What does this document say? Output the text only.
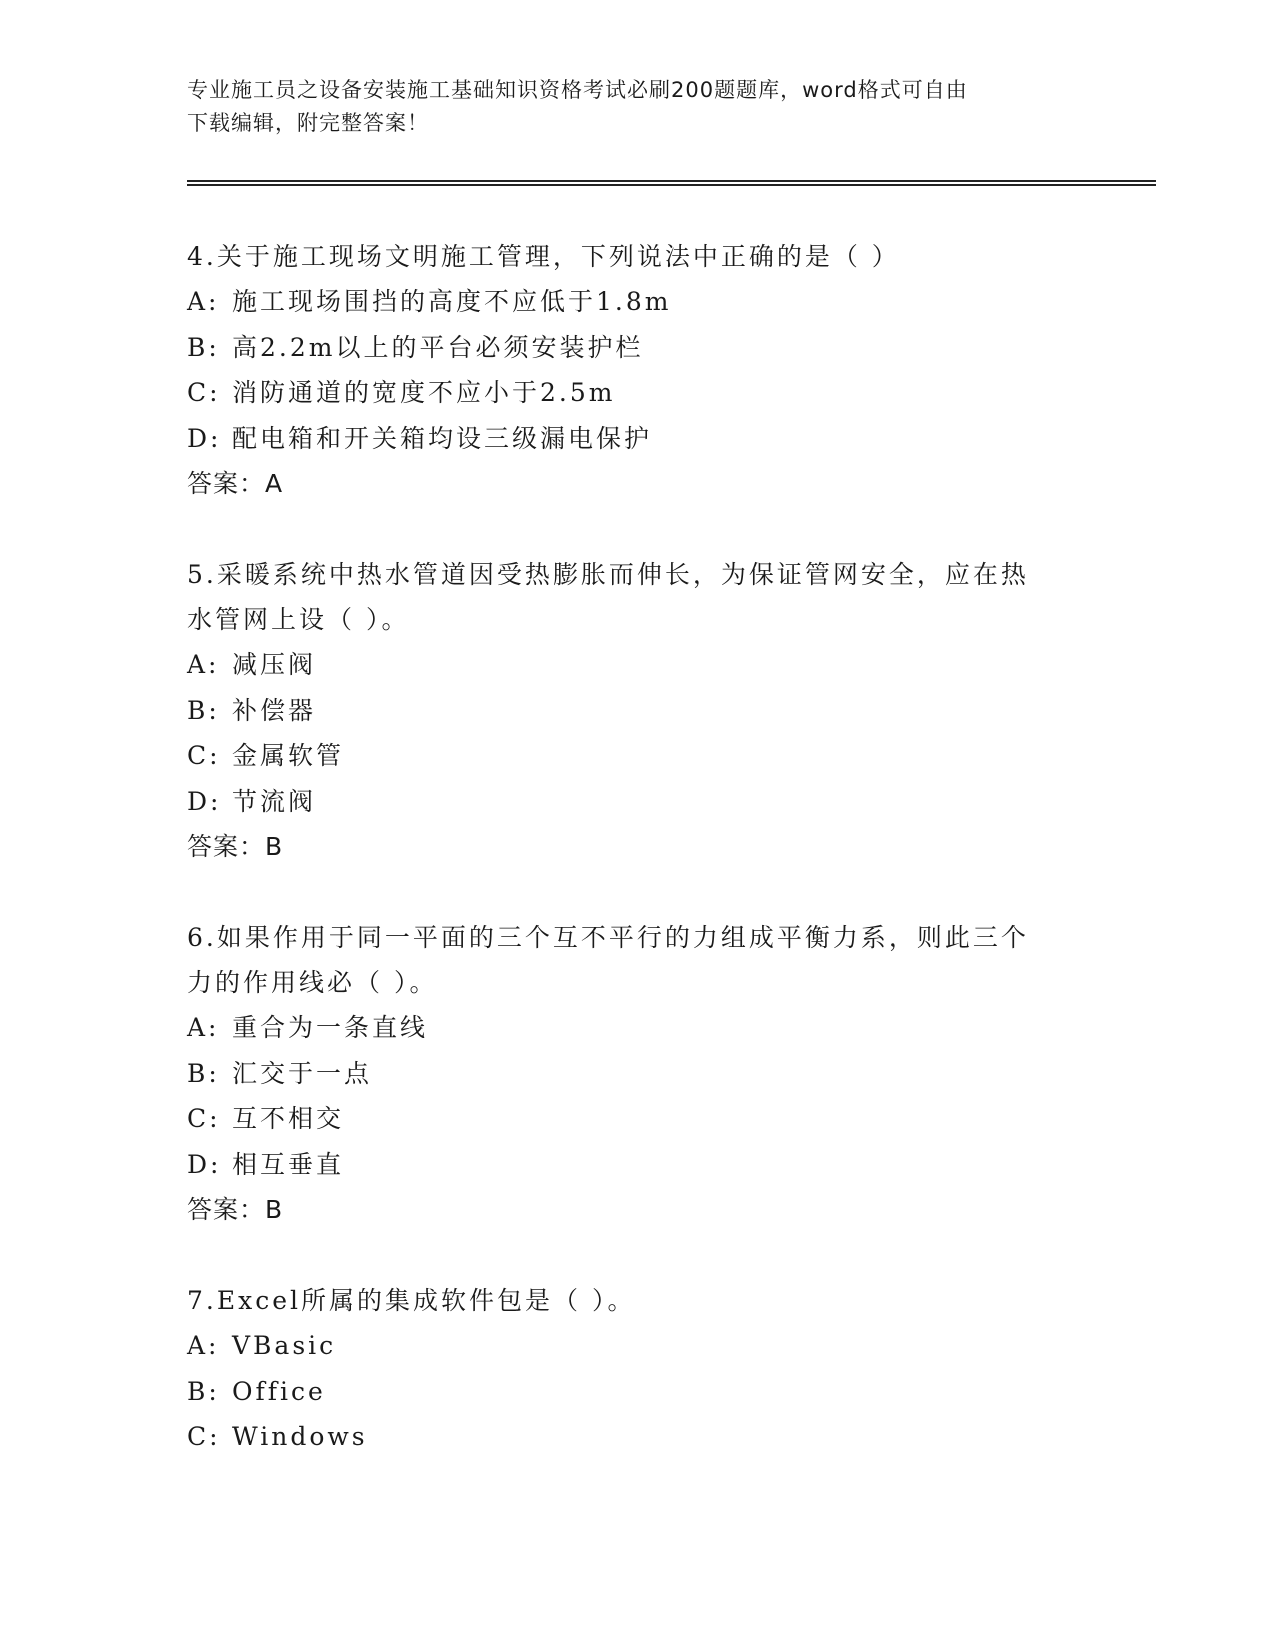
专业施工员之设备安装施工基础知识资格考试必刷200题题库，word格式可自由
下载编辑，附完整答案！

4.关于施工现场文明施工管理，下列说法中正确的是（ ）

A: 施工现场围挡的高度不应低于1.8m

B: 高2.2m以上的平台必须安装护栏

C: 消防通道的宽度不应小于2.5m

D: 配电箱和开关箱均设三级漏电保护

答案：A

5.采暖系统中热水管道因受热膨胀而伸长，为保证管网安全，应在热

水管网上设（ ）。

A: 减压阀

B: 补偿器

C: 金属软管

D: 节流阀

答案：B

6.如果作用于同一平面的三个互不平行的力组成平衡力系，则此三个

力的作用线必（ ）。

A: 重合为一条直线

B: 汇交于一点

C: 互不相交

D: 相互垂直

答案：B

7.Excel所属的集成软件包是（ ）。

A: VBasic

B: Office

C: Windows
